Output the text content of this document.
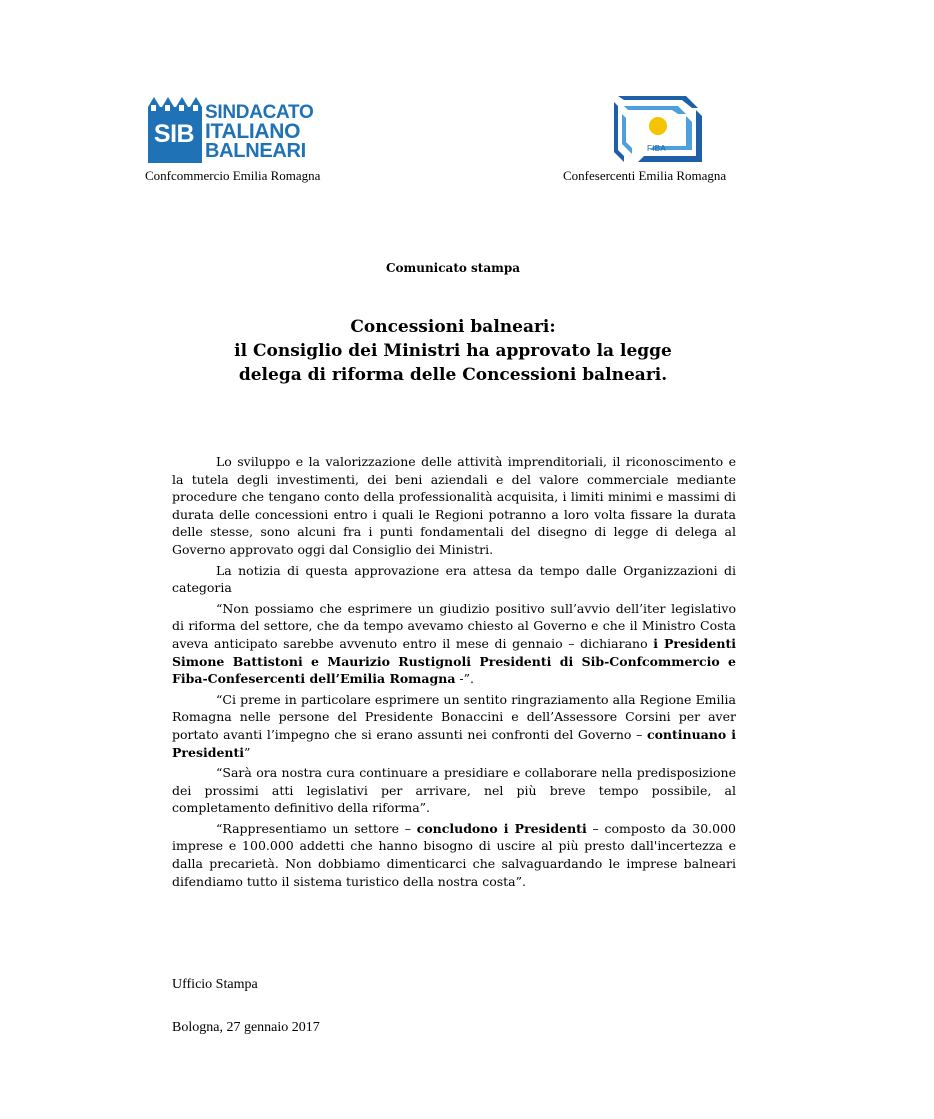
SIB
SINDACATO
ITALIANO
BALNEARI
Confcommercio Emilia Romagna
FIBA
Confesercenti Emilia Romagna
Comunicato stampa
Concessioni balneari:
il Consiglio dei Ministri ha approvato la legge
delega di riforma delle Concessioni balneari.

Lo sviluppo e la valorizzazione delle attività imprenditoriali, il riconoscimento e la tutela degli investimenti, dei beni aziendali e del valore commerciale mediante procedure che tengano conto della professionalità acquisita, i limiti minimi e massimi di durata delle concessioni entro i quali le Regioni potranno a loro volta fissare la durata delle stesse, sono alcuni fra i punti fondamentali del disegno di legge di delega al Governo approvato oggi dal Consiglio dei Ministri.

La notizia di questa approvazione era attesa da tempo dalle Organizzazioni di categoria

“Non possiamo che esprimere un giudizio positivo sull’avvio dell’iter legislativo di riforma del settore, che da tempo avevamo chiesto al Governo e che il Ministro Costa aveva anticipato sarebbe avvenuto entro il mese di gennaio – dichiarano i Presidenti Simone Battistoni e Maurizio Rustignoli Presidenti di Sib-Confcommercio e Fiba-Confesercenti dell’Emilia Romagna -”.

“Ci preme in particolare esprimere un sentito ringraziamento alla Regione Emilia Romagna nelle persone del Presidente Bonaccini e dell’Assessore Corsini per aver portato avanti l’impegno che si erano assunti nei confronti del Governo – continuano i Presidenti”

“Sarà ora nostra cura continuare a presidiare e collaborare nella predisposizione dei prossimi atti legislativi per arrivare, nel più breve tempo possibile, al completamento definitivo della riforma”.

“Rappresentiamo un settore – concludono i Presidenti – composto da 30.000 imprese e 100.000 addetti che hanno bisogno di uscire al più presto dall'incertezza e dalla precarietà. Non dobbiamo dimenticarci che salvaguardando le imprese balneari difendiamo tutto il sistema turistico della nostra costa”.

Ufficio Stampa
Bologna, 27 gennaio 2017
